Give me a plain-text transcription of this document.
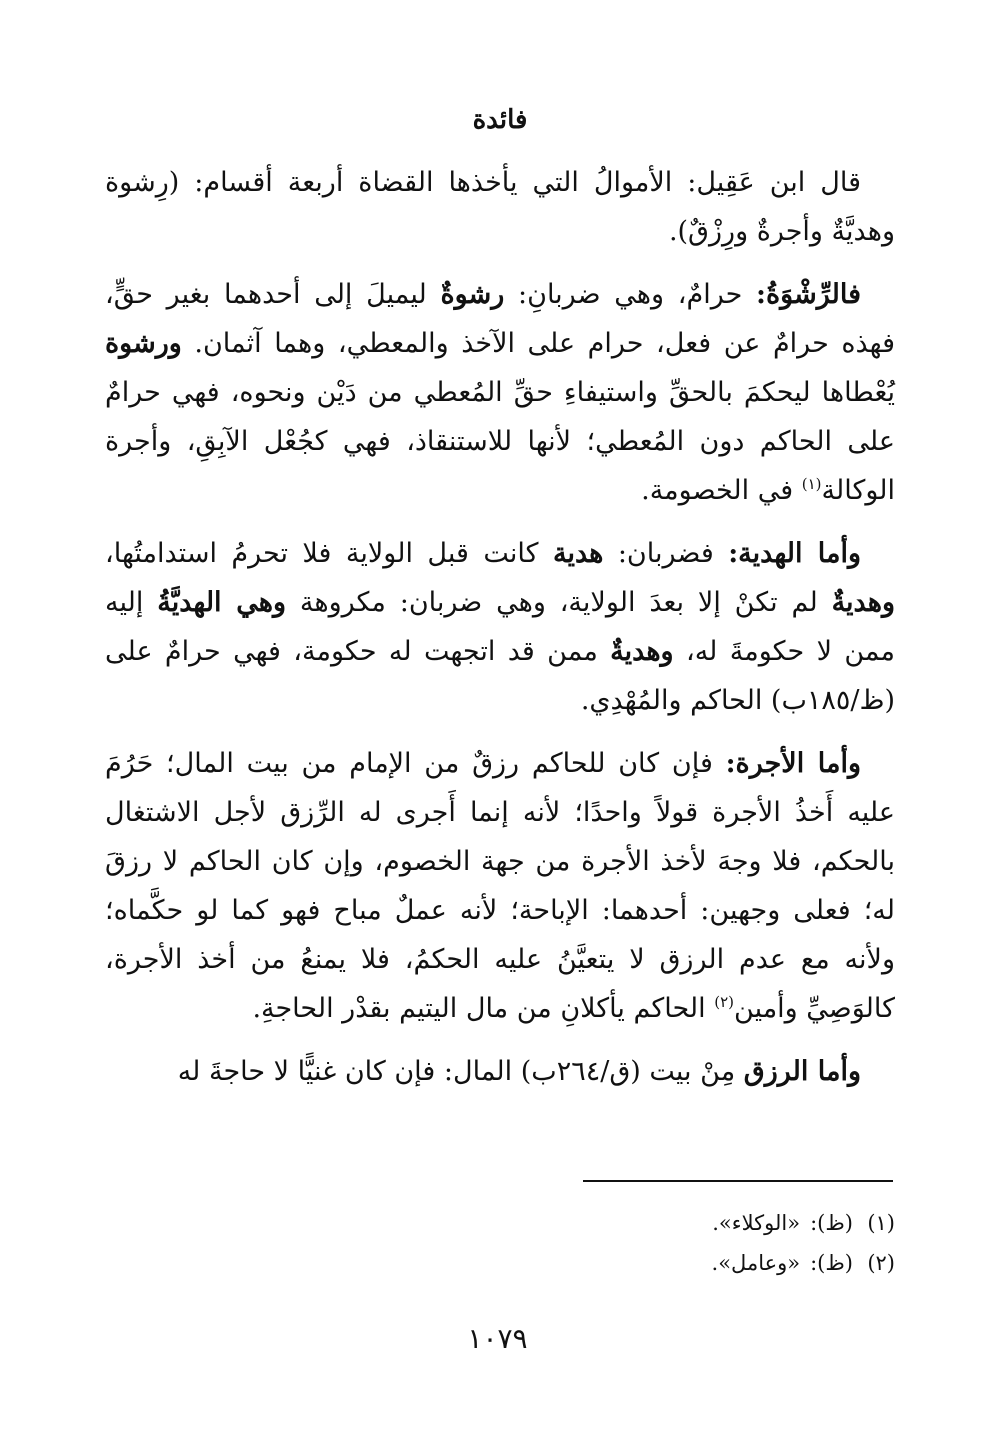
فائدة

قال ابن عَقِيل: الأموالُ التي يأخذها القضاة أربعة أقسام: (رِشوة وهديَّةٌ وأجرةٌ ورِزْقٌ).

فالرِّشْوَةُ: حرامٌ، وهي ضربانِ: رشوةٌ ليميلَ إلى أحدهما بغير حقٍّ، فهذه حرامٌ عن فعل، حرام على الآخذ والمعطي، وهما آثمان. ورشوة يُعْطاها ليحكمَ بالحقِّ واستيفاءِ حقِّ المُعطي من دَيْن ونحوه، فهي حرامٌ على الحاكم دون المُعطي؛ لأنها للاستنقاذ، فهي كجُعْل الآبِقِ، وأجرة الوكالة$^{(١)}$ في الخصومة.

وأما الهدية: فضربان: هدية كانت قبل الولاية فلا تحرمُ استدامتُها، وهديةٌ لم تكنْ إلا بعدَ الولاية، وهي ضربان: مكروهة وهي الهديَّةُ إليه ممن لا حكومةَ له، وهديةٌ ممن قد اتجهت له حكومة، فهي حرامٌ على (ظ/١٨٥ب) الحاكم والمُهْدِي.

وأما الأجرة: فإن كان للحاكم رزقٌ من الإمام من بيت المال؛ حَرُمَ عليه أَخذُ الأجرة قولاً واحدًا؛ لأنه إنما أَجرى له الرِّزق لأجل الاشتغال بالحكم، فلا وجهَ لأخذ الأجرة من جهة الخصوم، وإن كان الحاكم لا رزقَ له؛ فعلى وجهين: أحدهما: الإباحة؛ لأنه عملٌ مباح فهو كما لو حكَّماه؛ ولأنه مع عدم الرزق لا يتعيَّنُ عليه الحكمُ، فلا يمنعُ من أخذ الأجرة، كالوَصِيِّ وأمين$^{(٢)}$ الحاكم يأكلانِ من مال اليتيم بقدْر الحاجةِ.

وأما الرزق مِنْ بيت (ق/٢٦٤ب) المال: فإن كان غنيًّا لا حاجةَ له

(١)(ظ):«الوكلاء».

(٢)(ظ):«وعامل».

١٠٧٩
